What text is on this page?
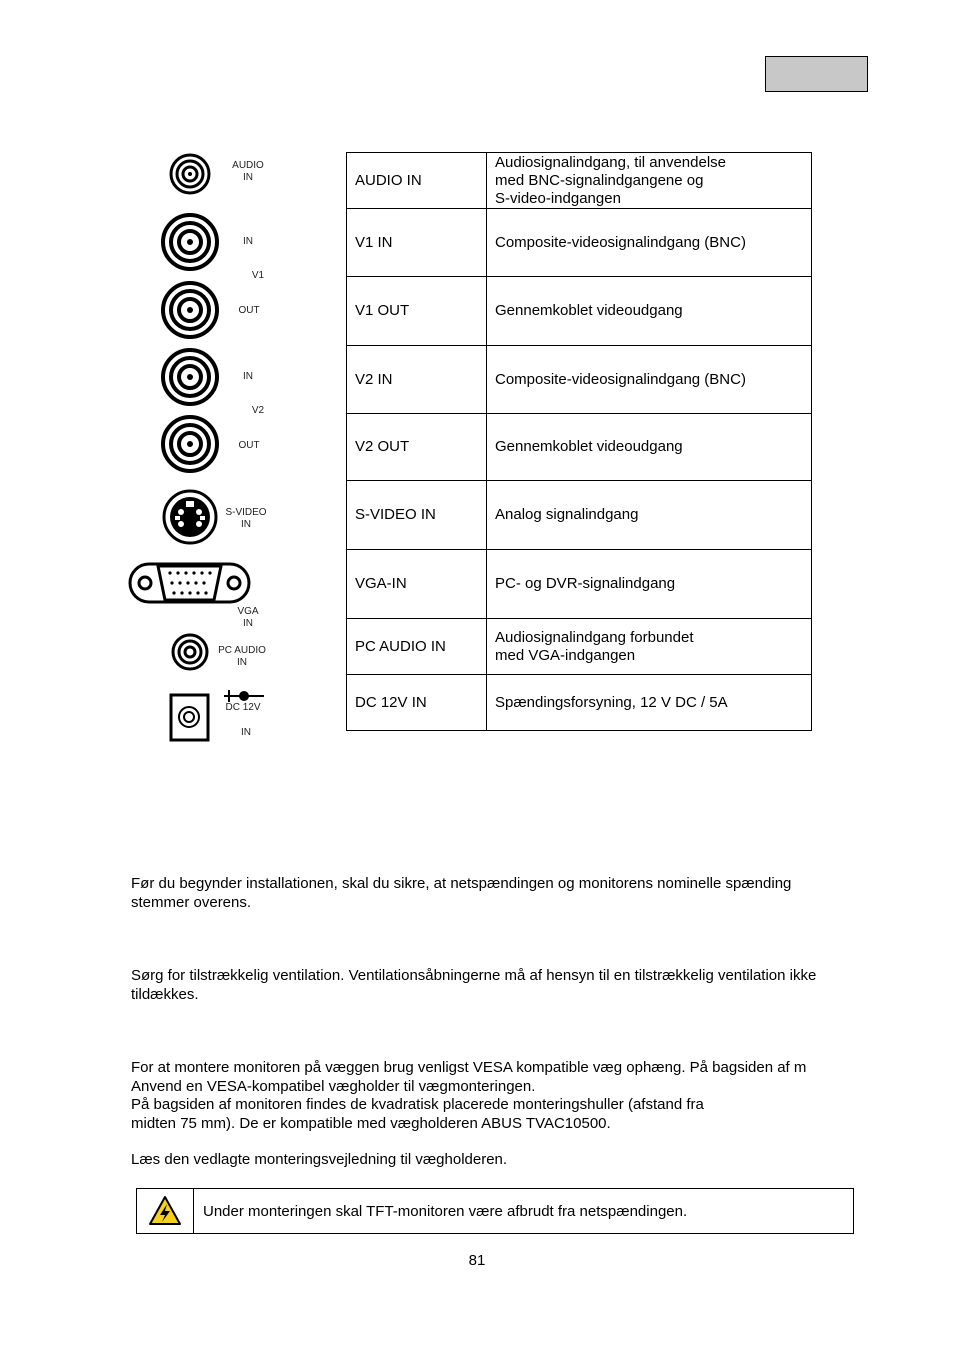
AUDIO
IN
IN
V1
OUT
IN
V2
OUT
S-VIDEO
IN
VGA
IN
PC AUDIO
IN
DC 12V
IN
AUDIO IN	Audiosignalindgang, til anvendelse
med BNC-signalindgangene og
S-video-indgangen
V1 IN	Composite-videosignalindgang (BNC)
V1 OUT	Gennemkoblet videoudgang
V2 IN	Composite-videosignalindgang (BNC)
V2 OUT	Gennemkoblet videoudgang
S-VIDEO IN	Analog signalindgang
VGA-IN	PC- og DVR-signalindgang
PC AUDIO IN	Audiosignalindgang forbundet
med VGA-indgangen
DC 12V IN	Spændingsforsyning, 12 V DC / 5A
Før du begynder installationen, skal du sikre, at netspændingen og monitorens nominelle spænding
stemmer overens.
Sørg for tilstrækkelig ventilation. Ventilationsåbningerne må af hensyn til en tilstrækkelig ventilation ikke
tildækkes.
For at montere monitoren på væggen brug venligst VESA kompatible væg ophæng. På bagsiden af m
Anvend en VESA-kompatibel vægholder til vægmonteringen.
På bagsiden af monitoren findes de kvadratisk placerede monteringshuller (afstand fra
midten 75 mm). De er kompatible med vægholderen ABUS TVAC10500.
Læs den vedlagte monteringsvejledning til vægholderen.
Under monteringen skal TFT-monitoren være afbrudt fra netspændingen.
81
